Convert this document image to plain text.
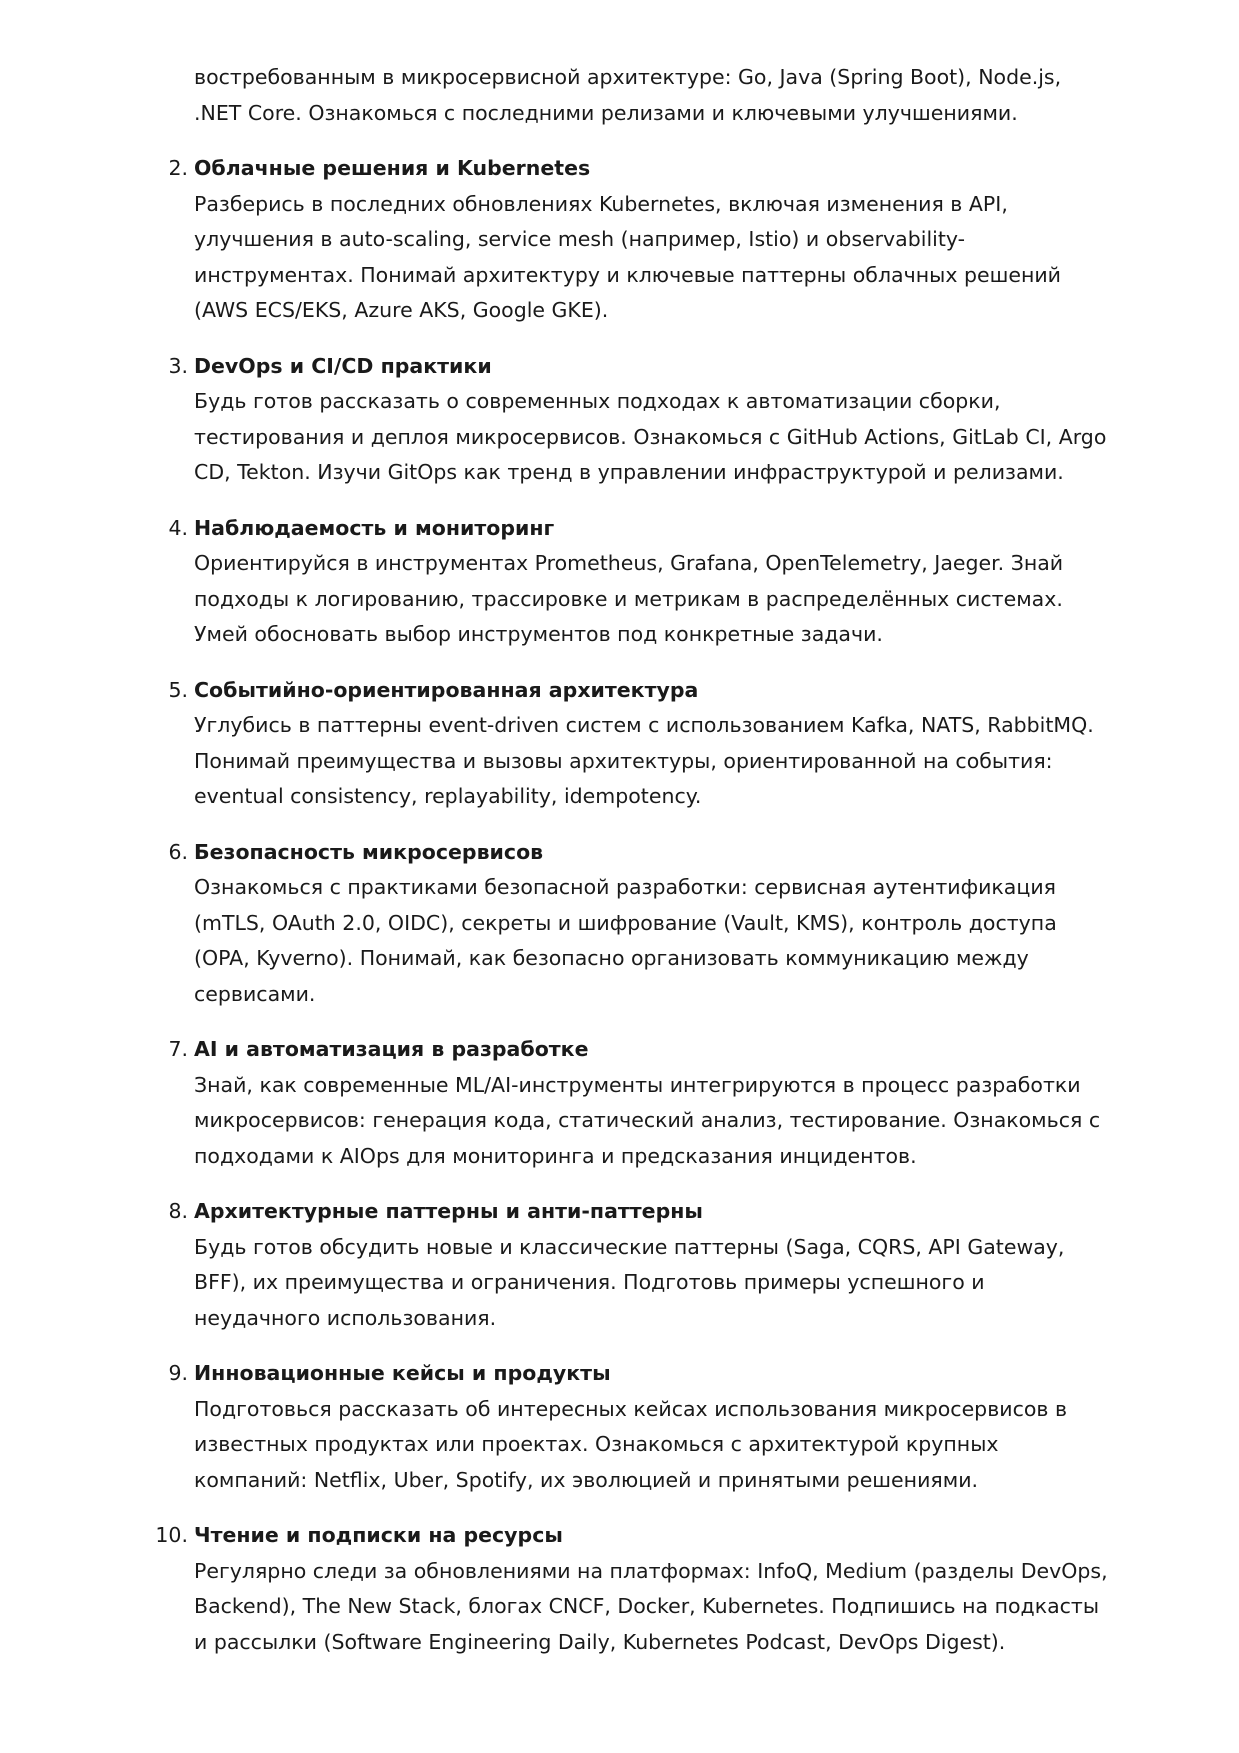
востребованным в микросервисной архитектуре: Go, Java (Spring Boot), Node.js, .NET Core. Ознакомься с последними релизами и ключевыми улучшениями.

2. Облачные решения и Kubernetes

Разберись в последних обновлениях Kubernetes, включая изменения в API, улучшения в auto-scaling, service mesh (например, Istio) и observability-инструментах. Понимай архитектуру и ключевые паттерны облачных решений (AWS ECS/EKS, Azure AKS, Google GKE).

3. DevOps и CI/CD практики

Будь готов рассказать о современных подходах к автоматизации сборки, тестирования и деплоя микросервисов. Ознакомься с GitHub Actions, GitLab CI, Argo CD, Tekton. Изучи GitOps как тренд в управлении инфраструктурой и релизами.

4. Наблюдаемость и мониторинг

Ориентируйся в инструментах Prometheus, Grafana, OpenTelemetry, Jaeger. Знай подходы к логированию, трассировке и метрикам в распределённых системах. Умей обосновать выбор инструментов под конкретные задачи.

5. Событийно-ориентированная архитектура

Углубись в паттерны event-driven систем с использованием Kafka, NATS, RabbitMQ. Понимай преимущества и вызовы архитектуры, ориентированной на события: eventual consistency, replayability, idempotency.

6. Безопасность микросервисов

Ознакомься с практиками безопасной разработки: сервисная аутентификация (mTLS, OAuth 2.0, OIDC), секреты и шифрование (Vault, KMS), контроль доступа (OPA, Kyverno). Понимай, как безопасно организовать коммуникацию между сервисами.

7. AI и автоматизация в разработке

Знай, как современные ML/AI-инструменты интегрируются в процесс разработки микросервисов: генерация кода, статический анализ, тестирование. Ознакомься с подходами к AIOps для мониторинга и предсказания инцидентов.

8. Архитектурные паттерны и анти-паттерны

Будь готов обсудить новые и классические паттерны (Saga, CQRS, API Gateway, BFF), их преимущества и ограничения. Подготовь примеры успешного и неудачного использования.

9. Инновационные кейсы и продукты

Подготовься рассказать об интересных кейсах использования микросервисов в известных продуктах или проектах. Ознакомься с архитектурой крупных компаний: Netflix, Uber, Spotify, их эволюцией и принятыми решениями.

10. Чтение и подписки на ресурсы

Регулярно следи за обновлениями на платформах: InfoQ, Medium (разделы DevOps, Backend), The New Stack, блогах CNCF, Docker, Kubernetes. Подпишись на подкасты и рассылки (Software Engineering Daily, Kubernetes Podcast, DevOps Digest).
